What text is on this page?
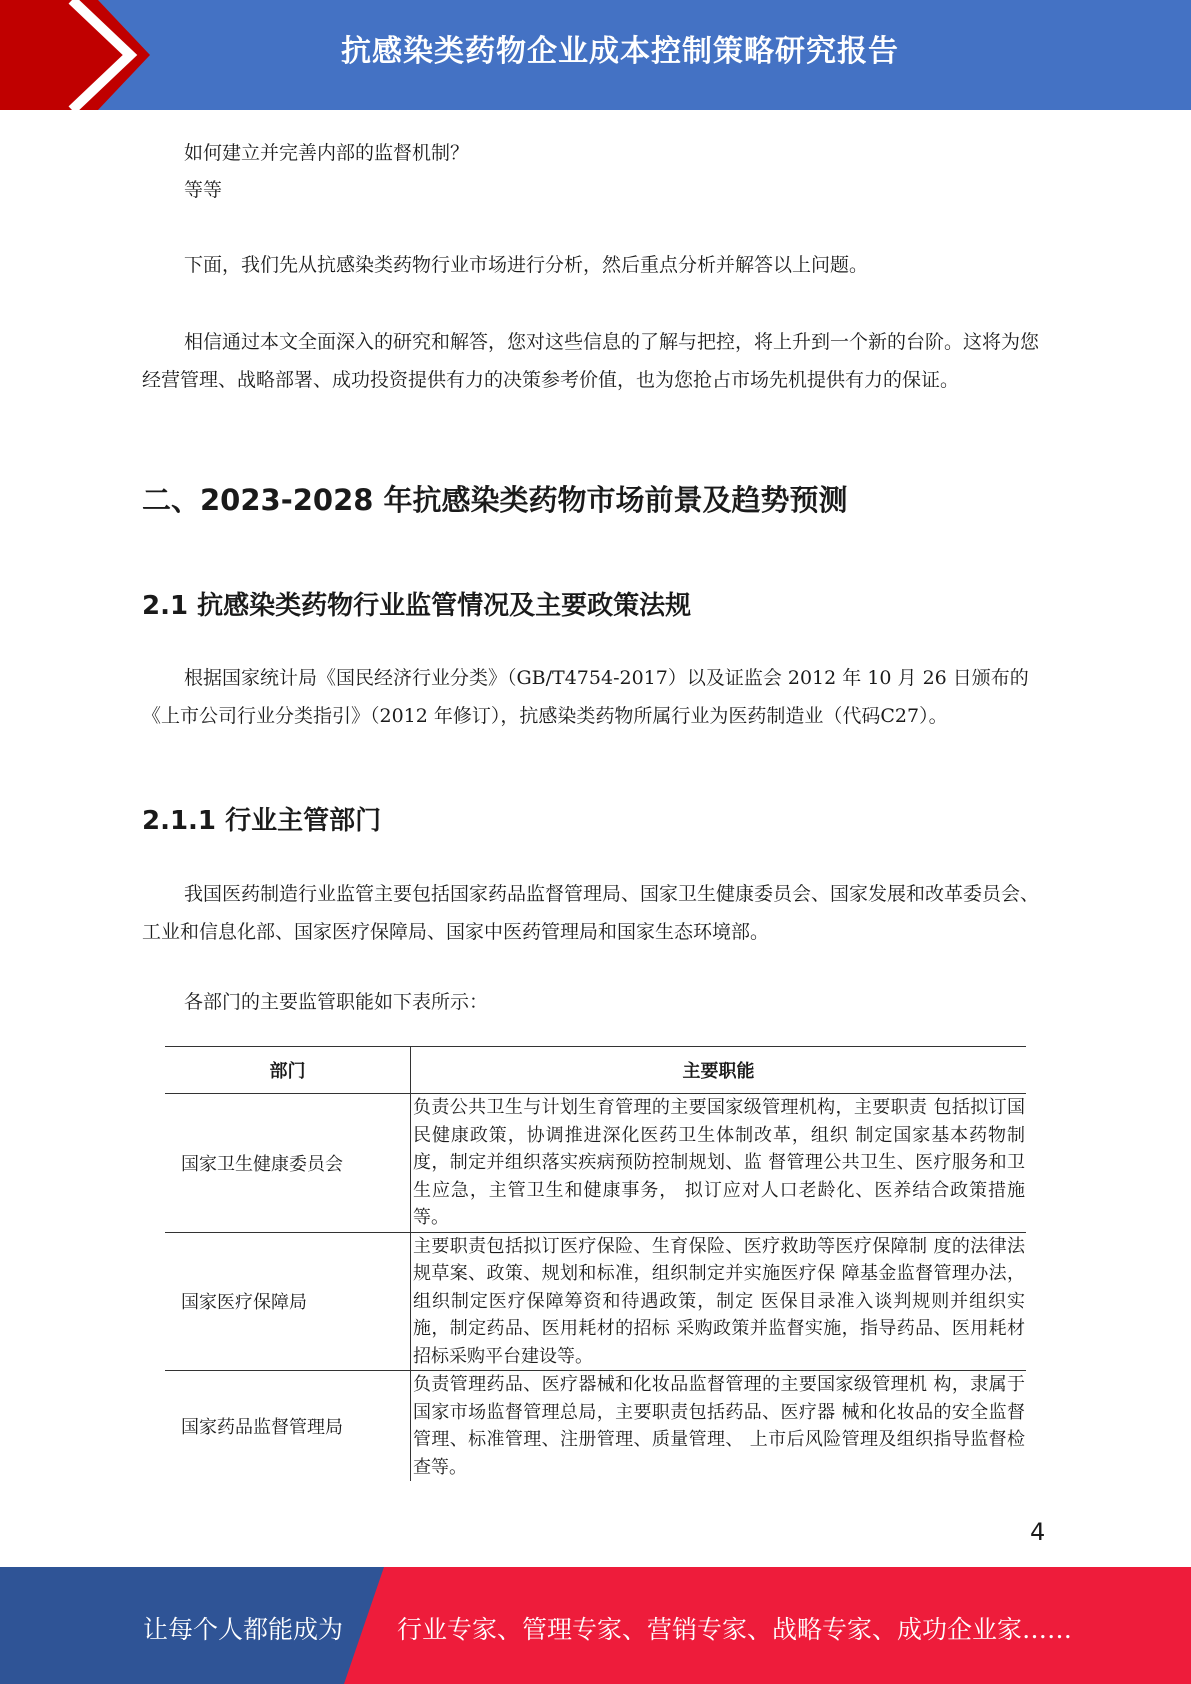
抗感染类药物企业成本控制策略研究报告
如何建立并完善内部的监督机制？
等等
下面，我们先从抗感染类药物行业市场进行分析，然后重点分析并解答以上问题。
相信通过本文全面深入的研究和解答，您对这些信息的了解与把控，将上升到一个新的台阶。这将为您经营管理、战略部署、成功投资提供有力的决策参考价值，也为您抢占市场先机提供有力的保证。
二、2023-2028 年抗感染类药物市场前景及趋势预测
2.1 抗感染类药物行业监管情况及主要政策法规
根据国家统计局《国民经济行业分类》（GB/T4754-2017）以及证监会 2012 年 10 月 26 日颁布的《上市公司行业分类指引》（2012 年修订），抗感染类药物所属行业为医药制造业（代码C27）。
2.1.1 行业主管部门
我国医药制造行业监管主要包括国家药品监督管理局、国家卫生健康委员会、国家发展和改革委员会、工业和信息化部、国家医疗保障局、国家中医药管理局和国家生态环境部。
各部门的主要监管职能如下表所示：
部门	主要职能
国家卫生健康委员会	负责公共卫生与计划生育管理的主要国家级管理机构，主要职责 包括拟订国民健康政策，协调推进深化医药卫生体制改革，组织 制定国家基本药物制度，制定并组织落实疾病预防控制规划、监 督管理公共卫生、医疗服务和卫生应急，主管卫生和健康事务， 拟订应对人口老龄化、医养结合政策措施等。
国家医疗保障局	主要职责包括拟订医疗保险、生育保险、医疗救助等医疗保障制 度的法律法规草案、政策、规划和标准，组织制定并实施医疗保 障基金监督管理办法，组织制定医疗保障筹资和待遇政策，制定 医保目录准入谈判规则并组织实施，制定药品、医用耗材的招标 采购政策并监督实施，指导药品、医用耗材招标采购平台建设等。
国家药品监督管理局	负责管理药品、医疗器械和化妆品监督管理的主要国家级管理机 构，隶属于国家市场监督管理总局，主要职责包括药品、医疗器 械和化妆品的安全监督管理、标准管理、注册管理、质量管理、 上市后风险管理及组织指导监督检查等。
4
让每个人都能成为 行业专家、管理专家、营销专家、战略专家、成功企业家……
